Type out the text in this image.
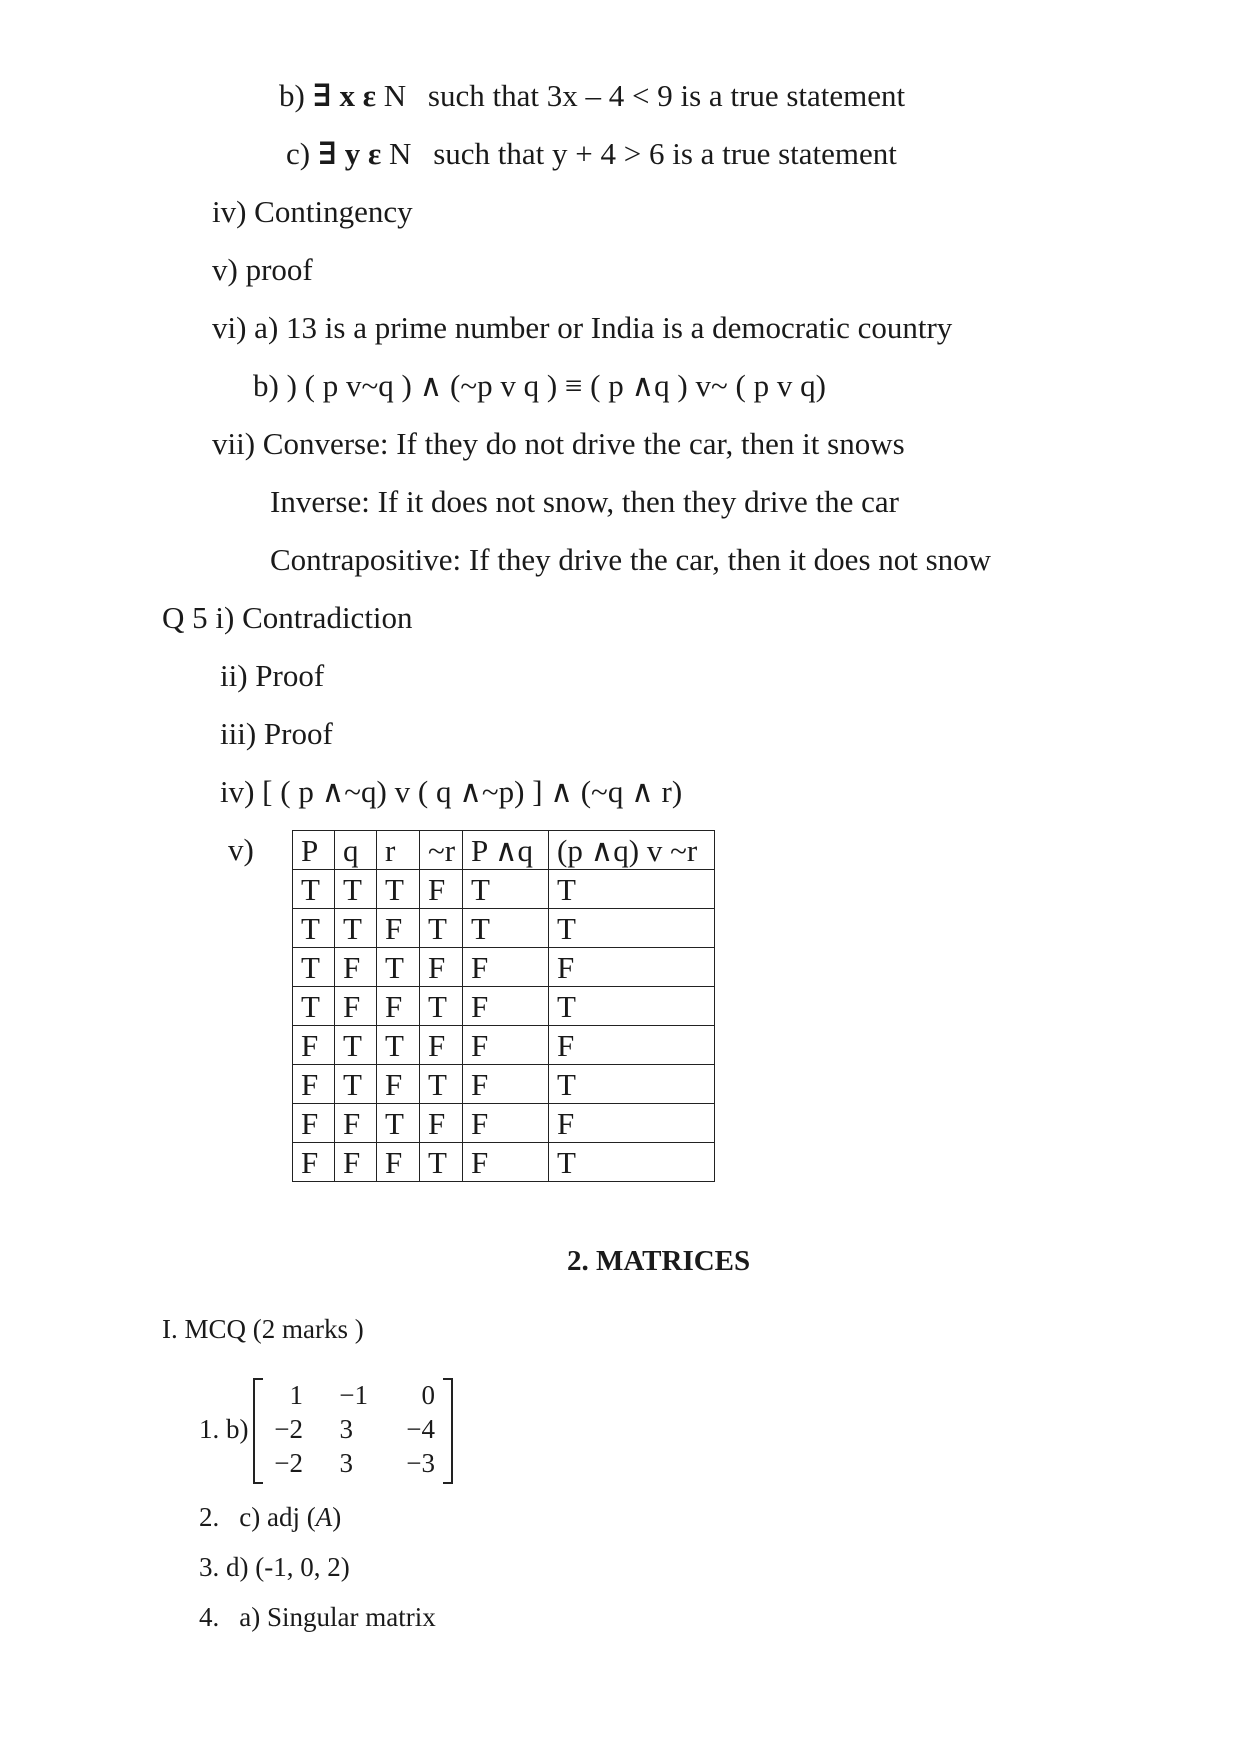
b) ∃ x ε N such that 3x – 4 < 9 is a true statement
c) ∃ y ε N such that y + 4 > 6 is a true statement
iv) Contingency
v) proof
vi) a) 13 is a prime number or India is a democratic country
b) ) ( p v~q ) ∧ (~p v q ) ≡ ( p ∧q ) v~ ( p v q)
vii) Converse: If they do not drive the car, then it snows
Inverse: If it does not snow, then they drive the car
Contrapositive: If they drive the car, then it does not snow
Q 5 i) Contradiction
ii) Proof
iii) Proof
iv) [ ( p ∧~q) v ( q ∧~p) ] ∧ (~q ∧ r)
v) P	q	r	~r	P ∧q	(p ∧q) v ~r
T	T	T	F	T	T
T	T	F	T	T	T
T	F	T	F	F	F
T	F	F	T	F	T
F	T	T	F	F	F
F	T	F	T	F	T
F	F	T	F	F	F
F	F	F	T	F	T
2. MATRICES
I. MCQ (2 marks )
1. b)
1	−1	0
−2	3	−4
−2	3	−3
2. c) adj (A)
3. d) (-1, 0, 2)
4. a) Singular matrix
